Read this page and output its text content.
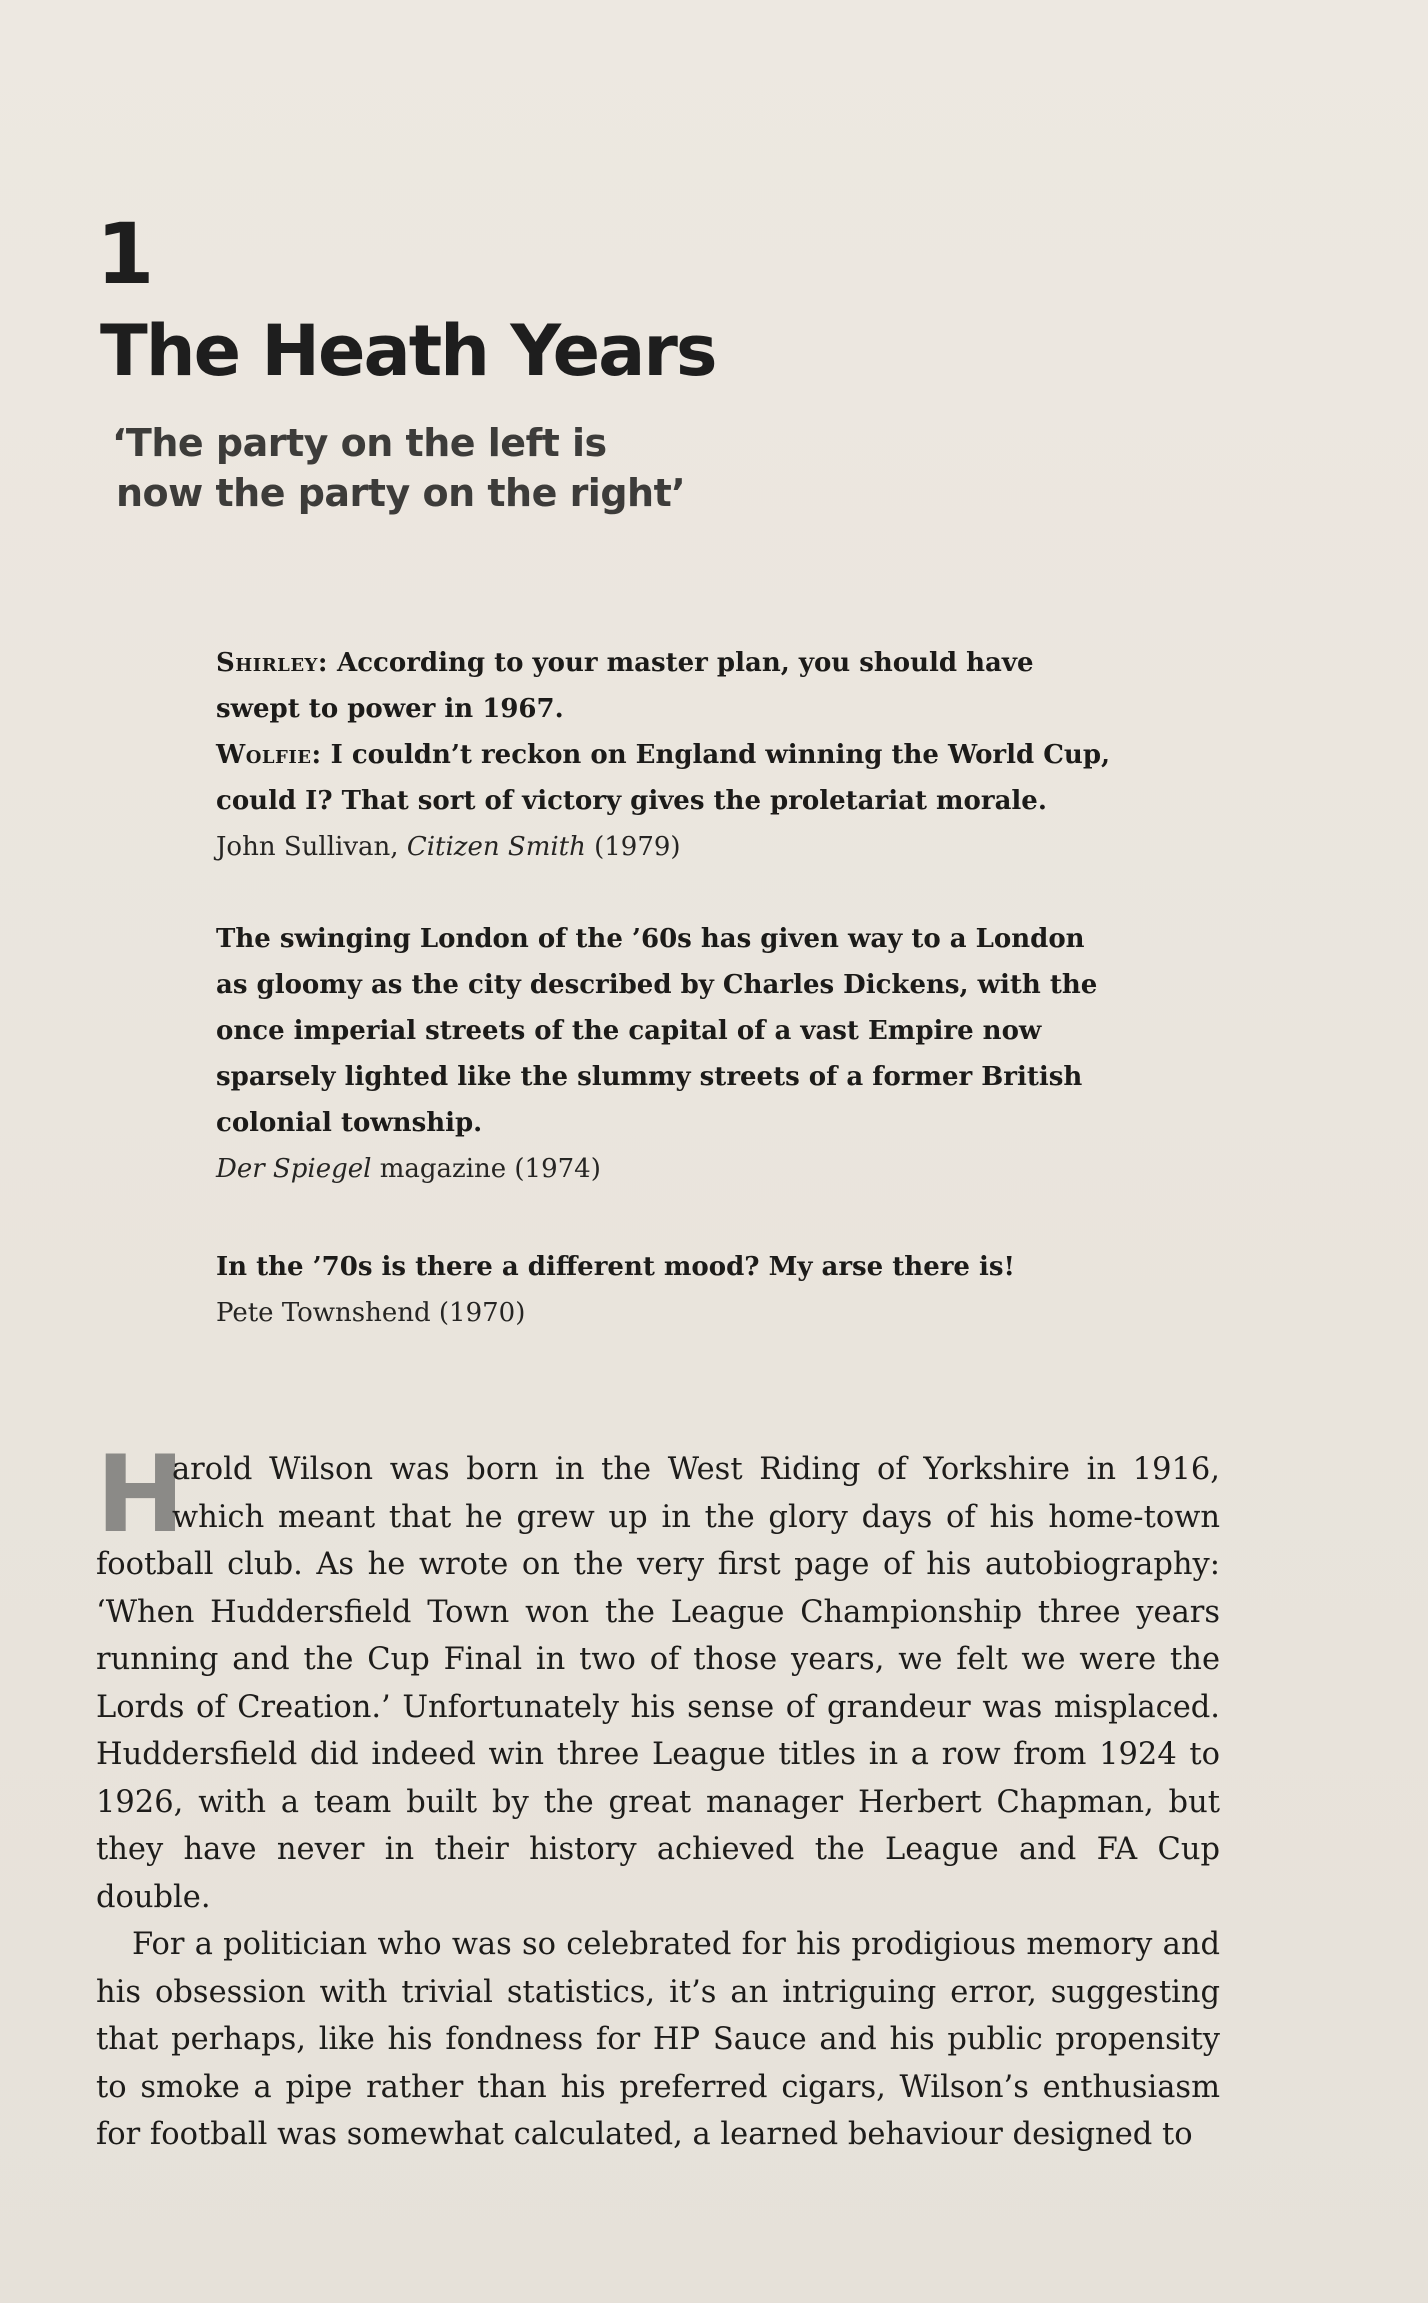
1
The Heath Years
‘The party on the left is
now the party on the right’

Shirley: According to your master plan, you should have swept to power in 1967.

Wolfie: I couldn’t reckon on England winning the World Cup, could I? That sort of victory gives the proletariat morale.

John Sullivan, Citizen Smith (1979)

The swinging London of the ’60s has given way to a London as gloomy as the city described by Charles Dickens, with the once imperial streets of the capital of a vast Empire now sparsely lighted like the slummy streets of a former British colonial township.

Der Spiegel magazine (1974)

In the ’70s is there a different mood? My arse there is!

Pete Townshend (1970)

H
arold Wilson was born in the West Riding of Yorkshire in 1916, which meant that he grew up in the glory days of his home-town football club. As he wrote on the very first page of his autobiography: ‘When Huddersfield Town won the League Championship three years running and the Cup Final in two of those years, we felt we were the Lords of Creation.’ Unfortunately his sense of grandeur was misplaced. Huddersfield did indeed win three League titles in a row from 1924 to 1926, with a team built by the great manager Herbert Chapman, but they have never in their history achieved the League and FA Cup double.

For a politician who was so celebrated for his prodigious memory and his obsession with trivial statistics, it’s an intriguing error, suggesting that perhaps, like his fondness for HP Sauce and his public propensity to smoke a pipe rather than his preferred cigars, Wilson’s enthusiasm for football was somewhat calculated, a learned behaviour designed to
